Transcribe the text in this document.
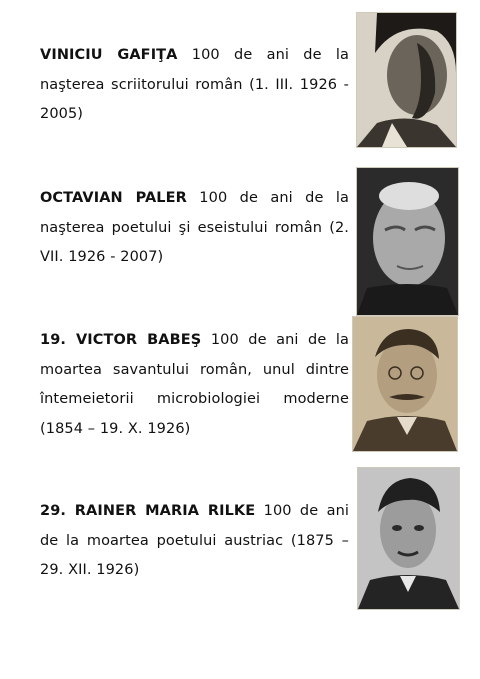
VINICIU GAFIŢA 100 de ani de la naşterea scriitorului român (1. III. 1926 - 2005)
OCTAVIAN PALER 100 de ani de la naşterea poetului şi eseistului român (2. VII. 1926 - 2007)
19. VICTOR BABEŞ 100 de ani de la moartea savantului român, unul dintre întemeietorii microbiologiei moderne (1854 – 19. X. 1926)
29. RAINER MARIA RILKE 100 de ani de la moartea poetului austriac (1875 – 29. XII. 1926)
